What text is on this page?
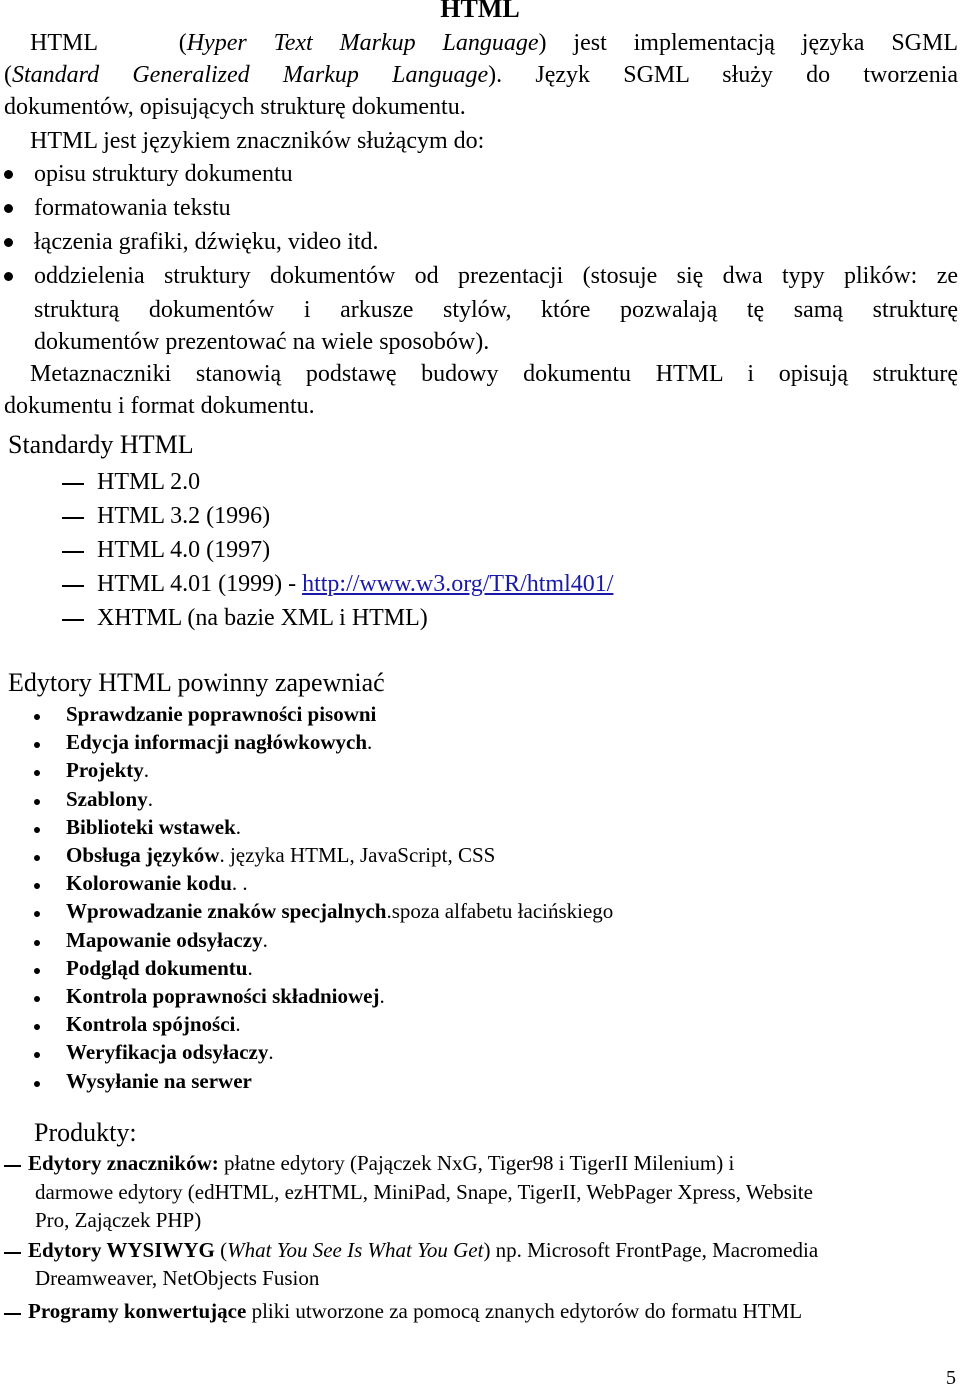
HTML
HTML	(Hyper Text Markup Language) jest implementacją języka SGML
(Standard Generalized Markup Language). Język SGML służy do tworzenia
dokumentów, opisujących strukturę dokumentu.
HTML jest językiem znaczników służącym do:
opisu struktury dokumentu
formatowania tekstu
łączenia grafiki, dźwięku, video itd.
oddzielenia struktury dokumentów od prezentacji (stosuje się dwa typy plików: ze
strukturą dokumentów i arkusze stylów, które pozwalają tę samą strukturę
dokumentów prezentować na wiele sposobów).
Metaznaczniki stanowią podstawę budowy dokumentu HTML i opisują strukturę
dokumentu i format dokumentu.
Standardy HTML
HTML 2.0
HTML 3.2 (1996)
HTML 4.0 (1997)
HTML 4.01 (1999) - http://www.w3.org/TR/html401/
XHTML (na bazie XML i HTML)
Edytory HTML powinny zapewniać
Sprawdzanie poprawności pisowni
Edycja informacji nagłówkowych.
Projekty.
Szablony.
Biblioteki wstawek.
Obsługa języków. języka HTML, JavaScript, CSS
Kolorowanie kodu. .
Wprowadzanie znaków specjalnych.spoza alfabetu łacińskiego
Mapowanie odsyłaczy.
Podgląd dokumentu.
Kontrola poprawności składniowej.
Kontrola spójności.
Weryfikacja odsyłaczy.
Wysyłanie na serwer
Produkty:
Edytory znaczników: płatne edytory (Pajączek NxG, Tiger98 i TigerII Milenium) i
darmowe edytory (edHTML, ezHTML, MiniPad, Snape, TigerII, WebPager Xpress, Website
Pro, Zajączek PHP)
Edytory WYSIWYG (What You See Is What You Get) np. Microsoft FrontPage, Macromedia
Dreamweaver, NetObjects Fusion
Programy konwertujące pliki utworzone za pomocą znanych edytorów do formatu HTML
5
